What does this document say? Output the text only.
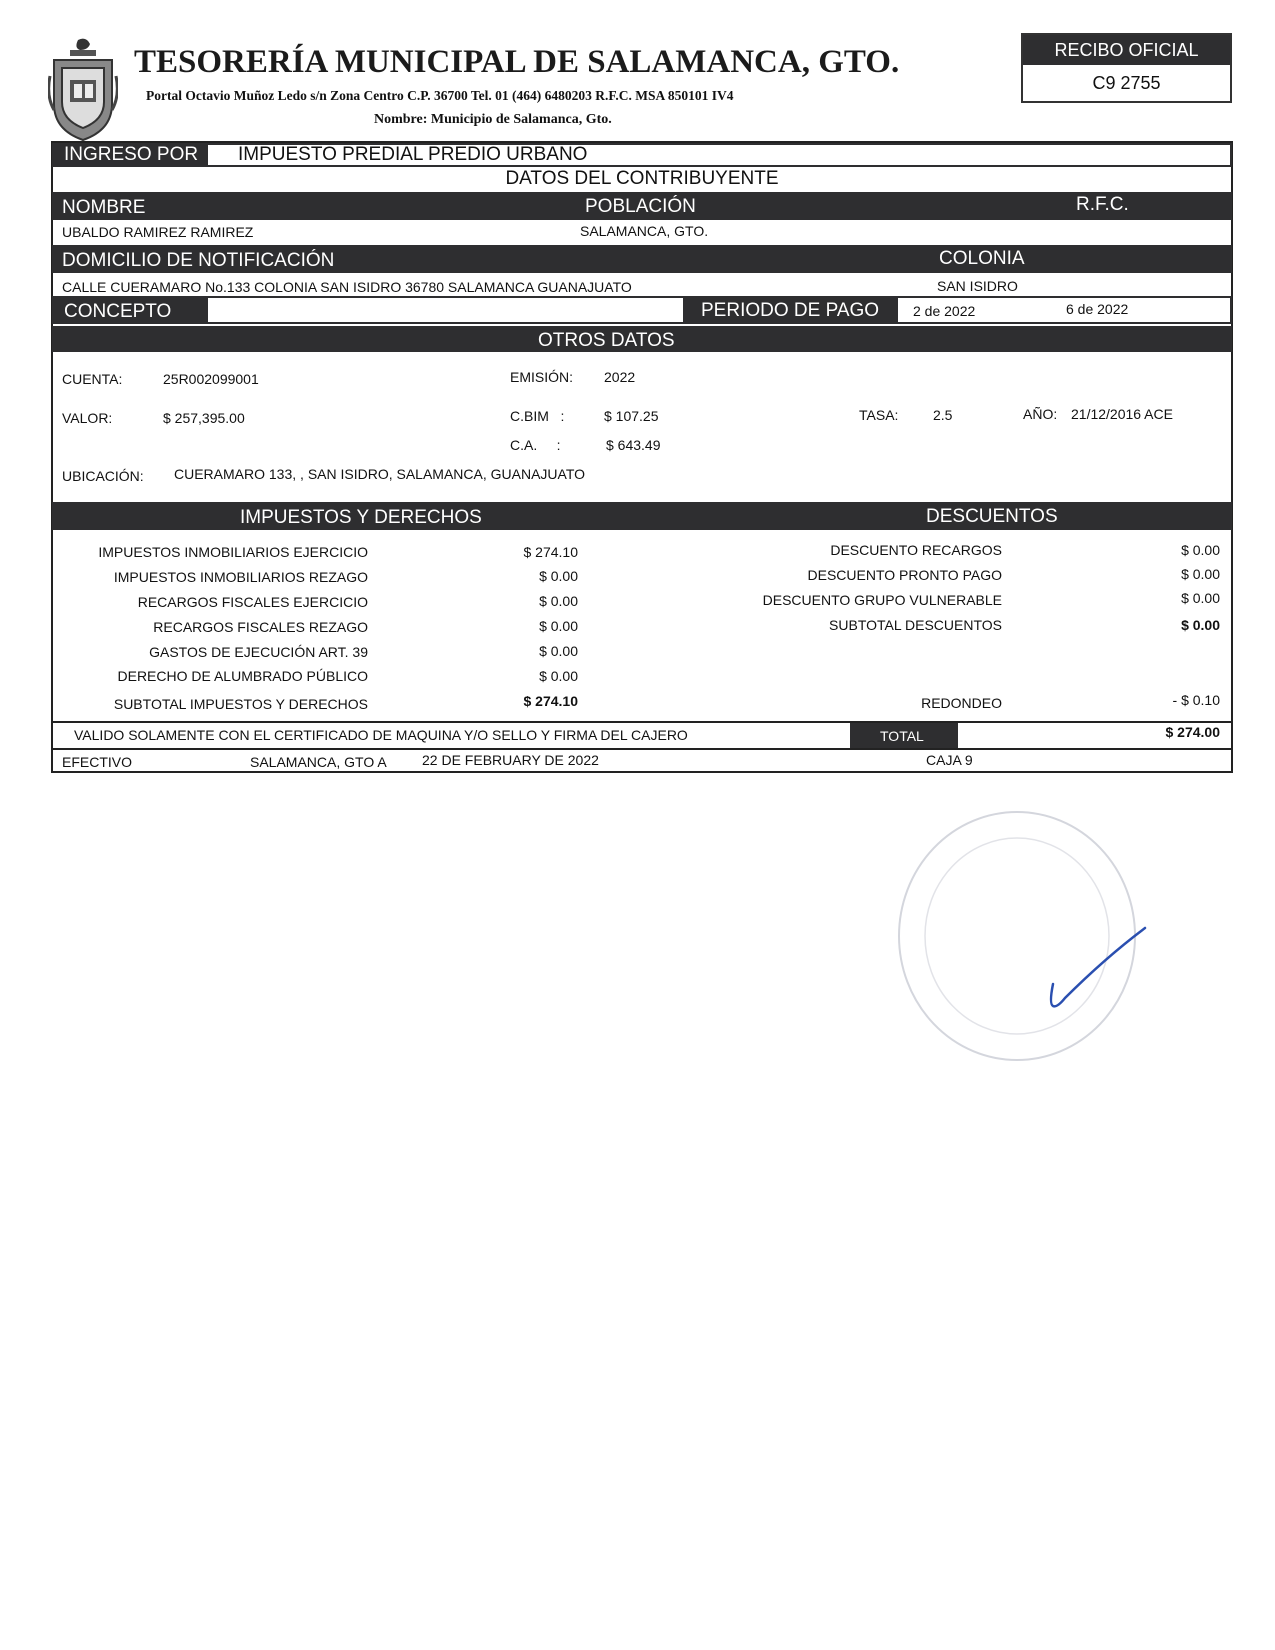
TESORERÍA MUNICIPAL DE SALAMANCA, GTO.
Portal Octavio Muñoz Ledo s/n Zona Centro C.P. 36700 Tel. 01 (464) 6480203 R.F.C. MSA 850101 IV4
Nombre: Municipio de Salamanca, Gto.
RECIBO OFICIAL
C9 2755
INGRESO POR IMPUESTO PREDIAL PREDIO URBANO
DATOS DEL CONTRIBUYENTE
NOMBRE	POBLACIÓN	R.F.C.
UBALDO RAMIREZ RAMIREZ	SALAMANCA, GTO.
DOMICILIO DE NOTIFICACIÓN	COLONIA
CALLE CUERAMARO No.133 COLONIA SAN ISIDRO 36780 SALAMANCA GUANAJUATO	SAN ISIDRO
CONCEPTO	PERIODO DE PAGO 2 de 2022	6 de 2022
OTROS DATOS
CUENTA:	25R002099001	EMISIÓN: 2022
VALOR:	$ 257,395.00	C.BIM   :	$ 107.25	TASA: 2.5	AÑO: 21/12/2016 ACE
C.A.     :	$ 643.49
UBICACIÓN: CUERAMARO 133, , SAN ISIDRO, SALAMANCA, GUANAJUATO
IMPUESTOS Y DERECHOS	DESCUENTOS
IMPUESTOS INMOBILIARIOS EJERCICIO	$ 274.10
IMPUESTOS INMOBILIARIOS REZAGO	$ 0.00
RECARGOS FISCALES EJERCICIO	$ 0.00
RECARGOS FISCALES REZAGO	$ 0.00
GASTOS DE EJECUCIÓN ART. 39	$ 0.00
DERECHO DE ALUMBRADO PÚBLICO	$ 0.00
SUBTOTAL IMPUESTOS Y DERECHOS	$ 274.10
DESCUENTO RECARGOS	$ 0.00
DESCUENTO PRONTO PAGO	$ 0.00
DESCUENTO GRUPO VULNERABLE	$ 0.00
SUBTOTAL DESCUENTOS	$ 0.00
REDONDEO	- $ 0.10
VALIDO SOLAMENTE CON EL CERTIFICADO DE MAQUINA Y/O SELLO Y FIRMA DEL CAJERO	TOTAL	$ 274.00
EFECTIVO	SALAMANCA, GTO A	22 DE FEBRUARY DE 2022	CAJA 9
